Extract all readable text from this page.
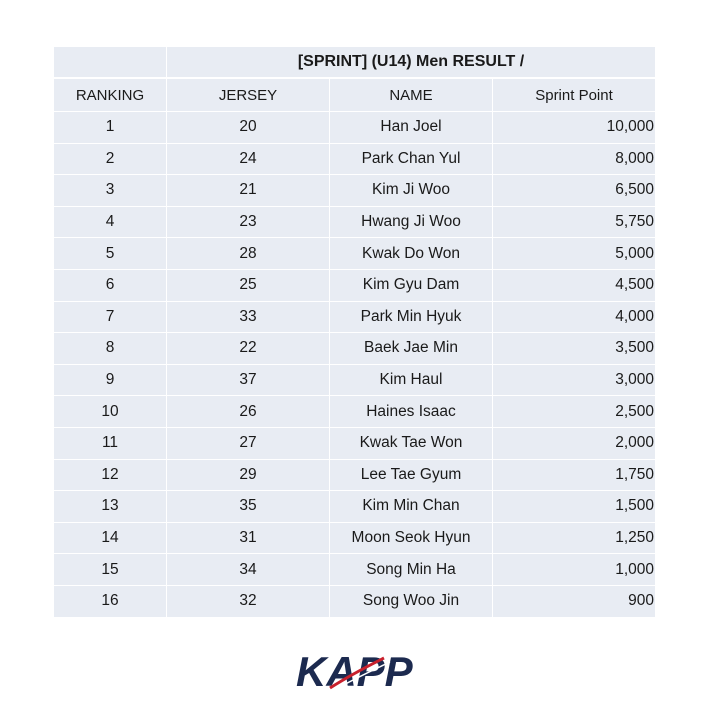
	[SPRINT] (U14) Men RESULT /		
RANKING	JERSEY	NAME	Sprint Point
1	20	Han Joel	10,000
2	24	Park Chan Yul	8,000
3	21	Kim Ji Woo	6,500
4	23	Hwang Ji Woo	5,750
5	28	Kwak Do Won	5,000
6	25	Kim Gyu Dam	4,500
7	33	Park Min Hyuk	4,000
8	22	Baek Jae Min	3,500
9	37	Kim Haul	3,000
10	26	Haines Isaac	2,500
11	27	Kwak Tae Won	2,000
12	29	Lee Tae Gyum	1,750
13	35	Kim Min Chan	1,500
14	31	Moon Seok Hyun	1,250
15	34	Song Min Ha	1,000
16	32	Song Woo Jin	900
KAPP
